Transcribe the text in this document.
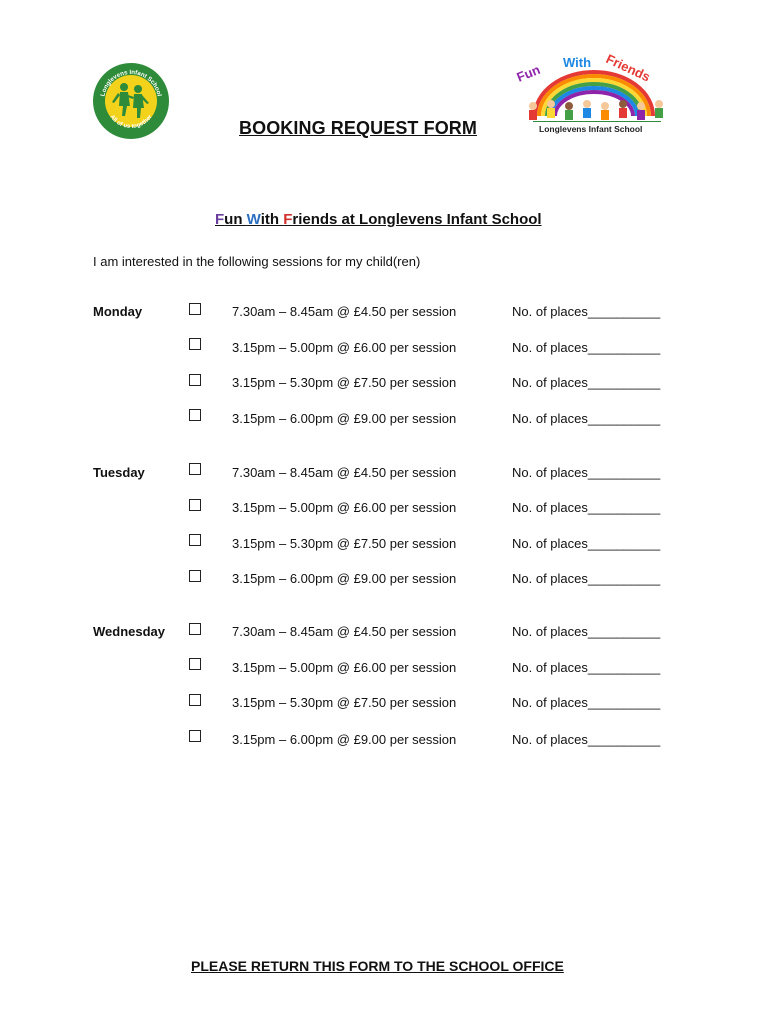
Longlevens Infant School
All of us together
Fun With Friends
Longlevens Infant School
BOOKING REQUEST FORM
Fun With Friends at Longlevens Infant School
I am interested in the following sessions for my child(ren)
Monday	7.30am – 8.45am @ £4.50 per session	No. of places__________
3.15pm – 5.00pm @ £6.00 per session	No. of places__________
3.15pm – 5.30pm @ £7.50 per session	No. of places__________
3.15pm – 6.00pm @ £9.00 per session	No. of places__________
Tuesday	7.30am – 8.45am @ £4.50 per session	No. of places__________
3.15pm – 5.00pm @ £6.00 per session	No. of places__________
3.15pm – 5.30pm @ £7.50 per session	No. of places__________
3.15pm – 6.00pm @ £9.00 per session	No. of places__________
Wednesday	7.30am – 8.45am @ £4.50 per session	No. of places__________
3.15pm – 5.00pm @ £6.00 per session	No. of places__________
3.15pm – 5.30pm @ £7.50 per session	No. of places__________
3.15pm – 6.00pm @ £9.00 per session	No. of places__________
PLEASE RETURN THIS FORM TO THE SCHOOL OFFICE
